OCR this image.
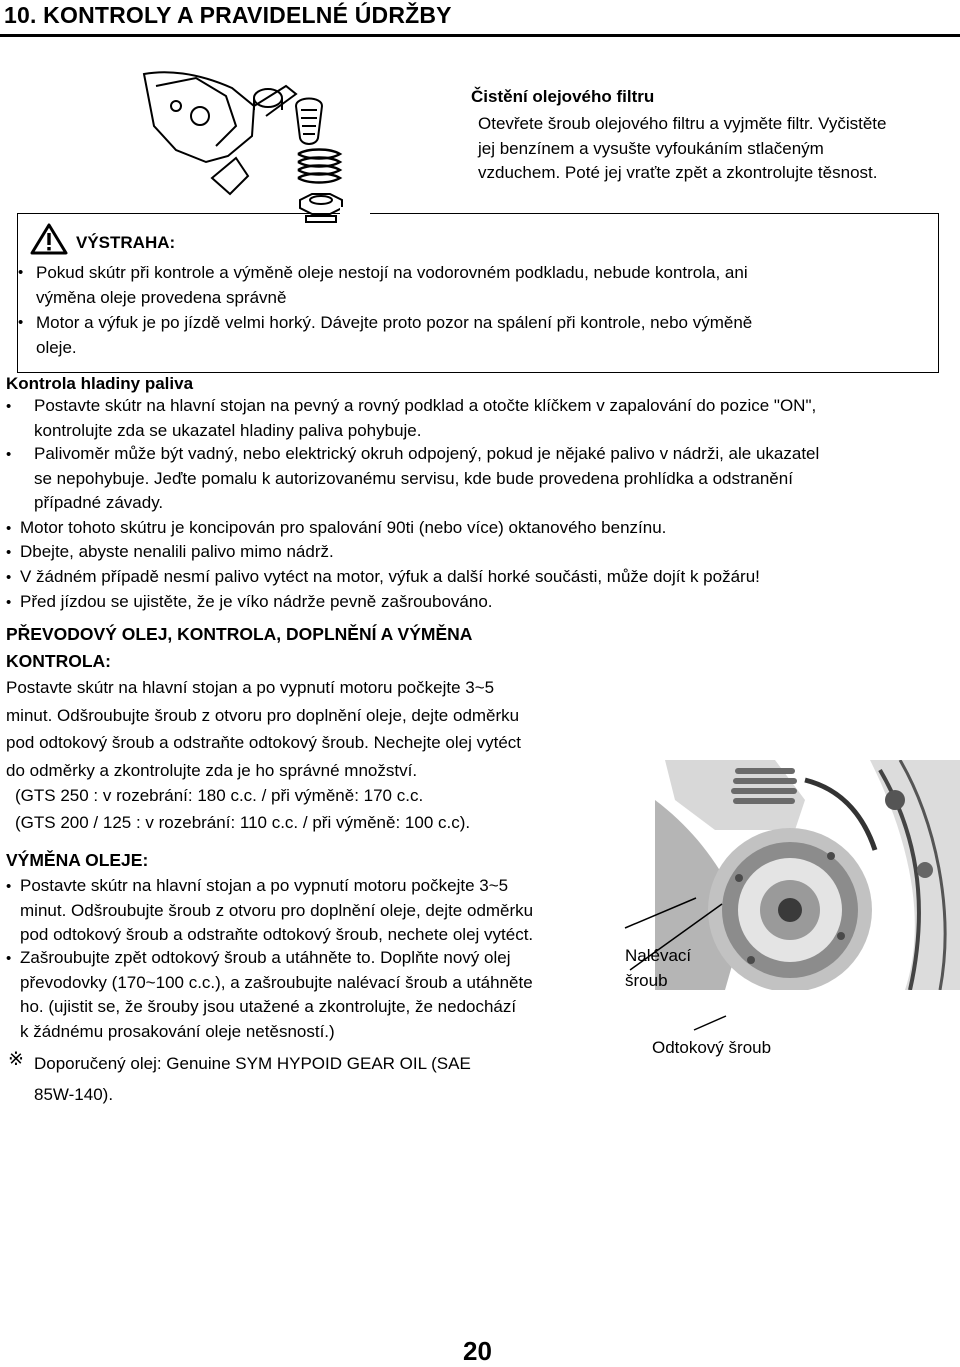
10. KONTROLY A PRAVIDELNÉ ÚDRŽBY
Čistění olejového filtru
Otevřete šroub olejového filtru a vyjměte filtr. Vyčistěte
jej benzínem a vysušte vyfoukáním stlačeným
vzduchem. Poté jej vraťte zpět a zkontrolujte těsnost.
VÝSTRAHA:
• Pokud skútr při kontrole a výměně oleje nestojí na vodorovném podkladu, nebude kontrola, ani
výměna oleje provedena správně
• Motor a výfuk je po jízdě velmi horký. Dávejte proto pozor na spálení při kontrole, nebo výměně
oleje.
Kontrola hladiny paliva
• Postavte skútr na hlavní stojan na pevný a rovný podklad a otočte klíčkem v zapalování do pozice "ON",
kontrolujte zda se ukazatel hladiny paliva pohybuje.
• Palivoměr může být vadný, nebo elektrický okruh odpojený, pokud je nějaké palivo v nádrži, ale ukazatel
se nepohybuje. Jeďte pomalu k autorizovanému servisu, kde bude provedena prohlídka a odstranění
případné závady.
• Motor tohoto skútru je koncipován pro spalování 90ti (nebo více) oktanového benzínu.
• Dbejte, abyste nenalili palivo mimo nádrž.
• V žádném případě nesmí palivo vytéct na motor, výfuk a další horké součásti, může dojít k požáru!
• Před jízdou se ujistěte, že je víko nádrže pevně zašroubováno.
PŘEVODOVÝ OLEJ, KONTROLA, DOPLNĚNÍ A VÝMĚNA
KONTROLA:
Postavte skútr na hlavní stojan a po vypnutí motoru počkejte 3~5
minut. Odšroubujte šroub z otvoru pro doplnění oleje, dejte odměrku
pod odtokový šroub a odstraňte odtokový šroub. Nechejte olej vytéct
do odměrky a zkontrolujte zda je ho správné množství.
(GTS 250 : v rozebrání: 180 c.c. / při výměně: 170 c.c.
(GTS 200 / 125 : v rozebrání: 110 c.c. / při výměně: 100 c.c).
VÝMĚNA OLEJE:
• Postavte skútr na hlavní stojan a po vypnutí motoru počkejte 3~5
minut. Odšroubujte šroub z otvoru pro doplnění oleje, dejte odměrku
pod odtokový šroub a odstraňte odtokový šroub, nechete olej vytéct.
• Zašroubujte zpět odtokový šroub a utáhněte to. Doplňte nový olej
převodovky (170~100 c.c.), a zašroubujte nalévací šroub a utáhněte
ho. (ujistit se, že šrouby jsou utažené a zkontrolujte, že nedochází
k žádnému prosakování oleje netěsností.)
※ Doporučený olej: Genuine SYM HYPOID GEAR OIL (SAE
85W-140).
Nalévací
šroub
Odtokový šroub
20
